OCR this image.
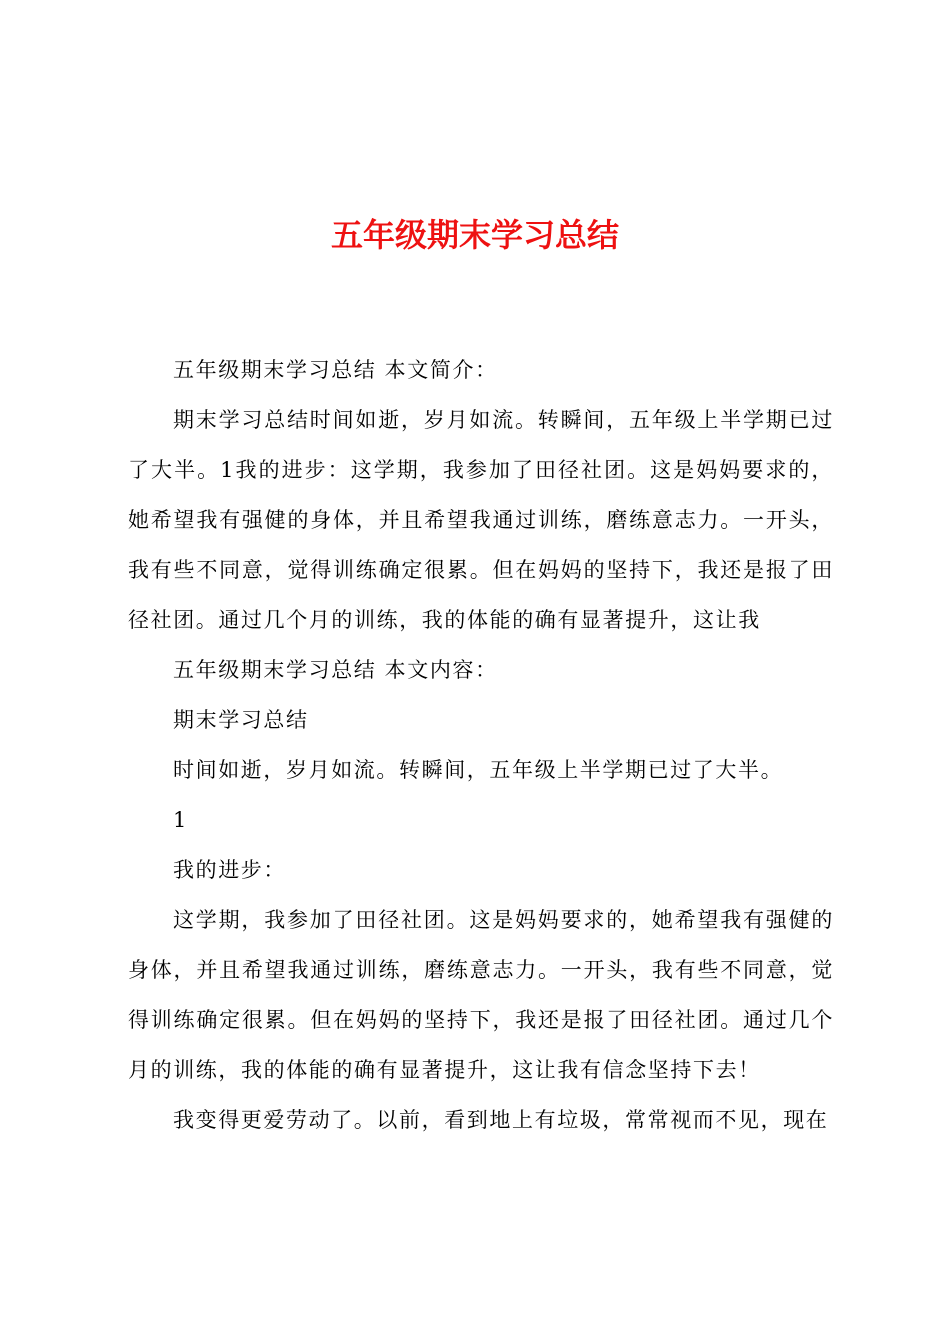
五年级期末学习总结

五年级期末学习总结 本文简介：

期末学习总结时间如逝，岁月如流。转瞬间，五年级上半学期已过了大半。1我的进步：这学期，我参加了田径社团。这是妈妈要求的，她希望我有强健的身体，并且希望我通过训练，磨练意志力。一开头，我有些不同意，觉得训练确定很累。但在妈妈的坚持下，我还是报了田径社团。通过几个月的训练，我的体能的确有显著提升，这让我

五年级期末学习总结 本文内容：

期末学习总结

时间如逝，岁月如流。转瞬间，五年级上半学期已过了大半。

1

我的进步：

这学期，我参加了田径社团。这是妈妈要求的，她希望我有强健的身体，并且希望我通过训练，磨练意志力。一开头，我有些不同意，觉得训练确定很累。但在妈妈的坚持下，我还是报了田径社团。通过几个月的训练，我的体能的确有显著提升，这让我有信念坚持下去！

我变得更爱劳动了。以前，看到地上有垃圾，常常视而不见，现在
